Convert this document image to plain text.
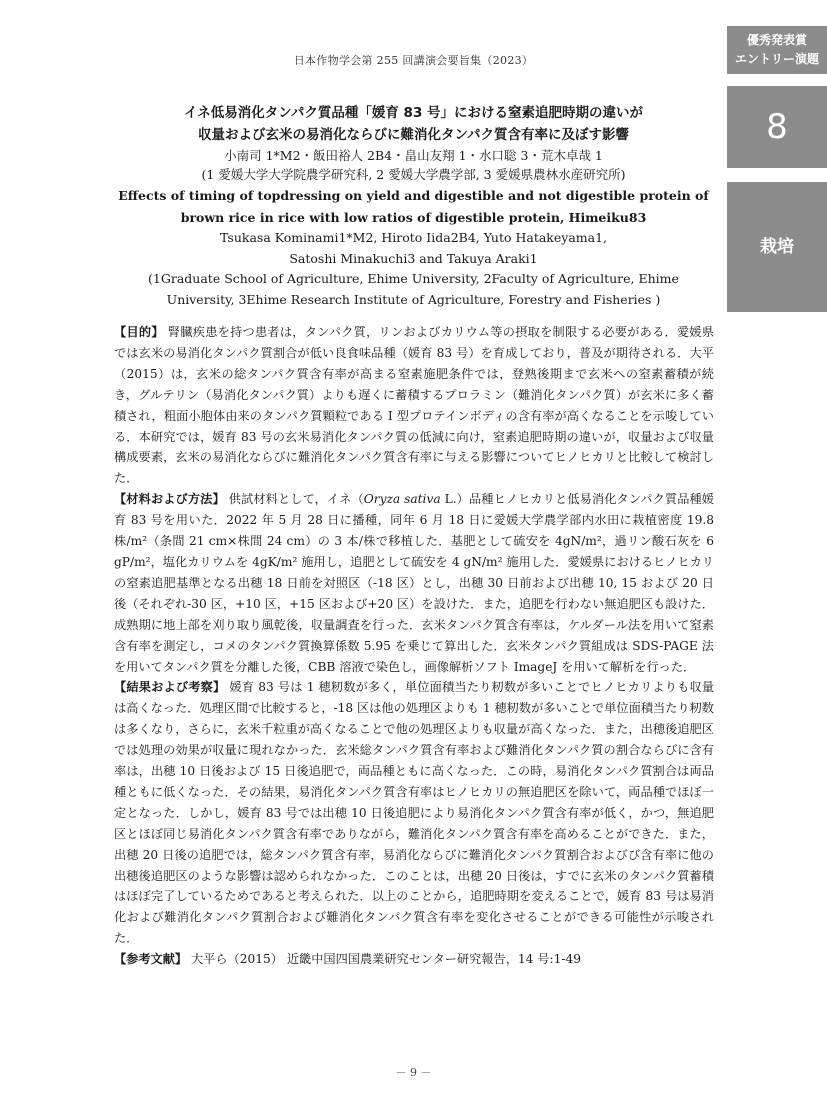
日本作物学会第 255 回講演会要旨集（2023）
優秀発表賞
エントリー演題
8
栽培
イネ低易消化タンパク質品種「媛育 83 号」における窒素追肥時期の違いが
収量および玄米の易消化ならびに難消化タンパク質含有率に及ぼす影響
小南司 1*M2・飯田裕人 2B4・畠山友翔 1・水口聡 3・荒木卓哉 1
(1 愛媛大学大学院農学研究科, 2 愛媛大学農学部, 3 愛媛県農林水産研究所)
Effects of timing of topdressing on yield and digestible and not digestible protein of
brown rice in rice with low ratios of digestible protein, Himeiku83
Tsukasa Kominami1*M2, Hiroto Iida2B4, Yuto Hatakeyama1,
Satoshi Minakuchi3 and Takuya Araki1
(1Graduate School of Agriculture, Ehime University, 2Faculty of Agriculture, Ehime
University, 3Ehime Research Institute of Agriculture, Forestry and Fisheries )

【目的】 腎臓疾患を持つ患者は，タンパク質，リンおよびカリウム等の摂取を制限する必要がある．愛媛県では玄米の易消化タンパク質割合が低い良食味品種（媛育 83 号）を育成しており，普及が期待される．大平（2015）は，玄米の総タンパク質含有率が高まる窒素施肥条件では，登熟後期まで玄米への窒素蓄積が続き，グルテリン（易消化タンパク質）よりも遅くに蓄積するプロラミン（難消化タンパク質）が玄米に多く蓄積され，粗面小胞体由来のタンパク質顆粒である I 型プロテインボディの含有率が高くなることを示唆している．本研究では，媛育 83 号の玄米易消化タンパク質の低減に向け，窒素追肥時期の違いが，収量および収量構成要素，玄米の易消化ならびに難消化タンパク質含有率に与える影響についてヒノヒカリと比較して検討した．

【材料および方法】 供試材料として，イネ（Oryza sativa L.）品種ヒノヒカリと低易消化タンパク質品種媛育 83 号を用いた．2022 年 5 月 28 日に播種，同年 6 月 18 日に愛媛大学農学部内水田に栽植密度 19.8 株/m²（条間 21 cm×株間 24 cm）の 3 本/株で移植した．基肥として硫安を 4gN/m²，過リン酸石灰を 6 gP/m²，塩化カリウムを 4gK/m² 施用し，追肥として硫安を 4 gN/m² 施用した．愛媛県におけるヒノヒカリの窒素追肥基準となる出穂 18 日前を対照区（-18 区）とし，出穂 30 日前および出穂 10, 15 および 20 日後（それぞれ-30 区，+10 区，+15 区および+20 区）を設けた．また，追肥を行わない無追肥区も設けた．成熟期に地上部を刈り取り風乾後，収量調査を行った．玄米タンパク質含有率は，ケルダール法を用いて窒素含有率を測定し，コメのタンパク質換算係数 5.95 を乗じて算出した．玄米タンパク質組成は SDS-PAGE 法を用いてタンパク質を分離した後，CBB 溶液で染色し，画像解析ソフト ImageJ を用いて解析を行った．

【結果および考察】 媛育 83 号は 1 穂籾数が多く，単位面積当たり籾数が多いことでヒノヒカリよりも収量は高くなった．処理区間で比較すると，-18 区は他の処理区よりも 1 穂籾数が多いことで単位面積当たり籾数は多くなり，さらに，玄米千粒重が高くなることで他の処理区よりも収量が高くなった．また，出穂後追肥区では処理の効果が収量に現れなかった．玄米総タンパク質含有率および難消化タンパク質の割合ならびに含有率は，出穂 10 日後および 15 日後追肥で，両品種ともに高くなった．この時，易消化タンパク質割合は両品種ともに低くなった．その結果，易消化タンパク質含有率はヒノヒカリの無追肥区を除いて，両品種でほぼ一定となった．しかし，媛育 83 号では出穂 10 日後追肥により易消化タンパク質含有率が低く，かつ，無追肥区とほぼ同じ易消化タンパク質含有率でありながら，難消化タンパク質含有率を高めることができた．また，出穂 20 日後の追肥では，総タンパク質含有率，易消化ならびに難消化タンパク質割合およびび含有率に他の出穂後追肥区のような影響は認められなかった．このことは，出穂 20 日後は，すでに玄米のタンパク質蓄積はほぼ完了しているためであると考えられた．以上のことから，追肥時期を変えることで，媛育 83 号は易消化および難消化タンパク質割合および難消化タンパク質含有率を変化させることができる可能性が示唆された．

【参考文献】 大平ら（2015） 近畿中国四国農業研究センター研究報告，14 号:1-49

－ 9 －
